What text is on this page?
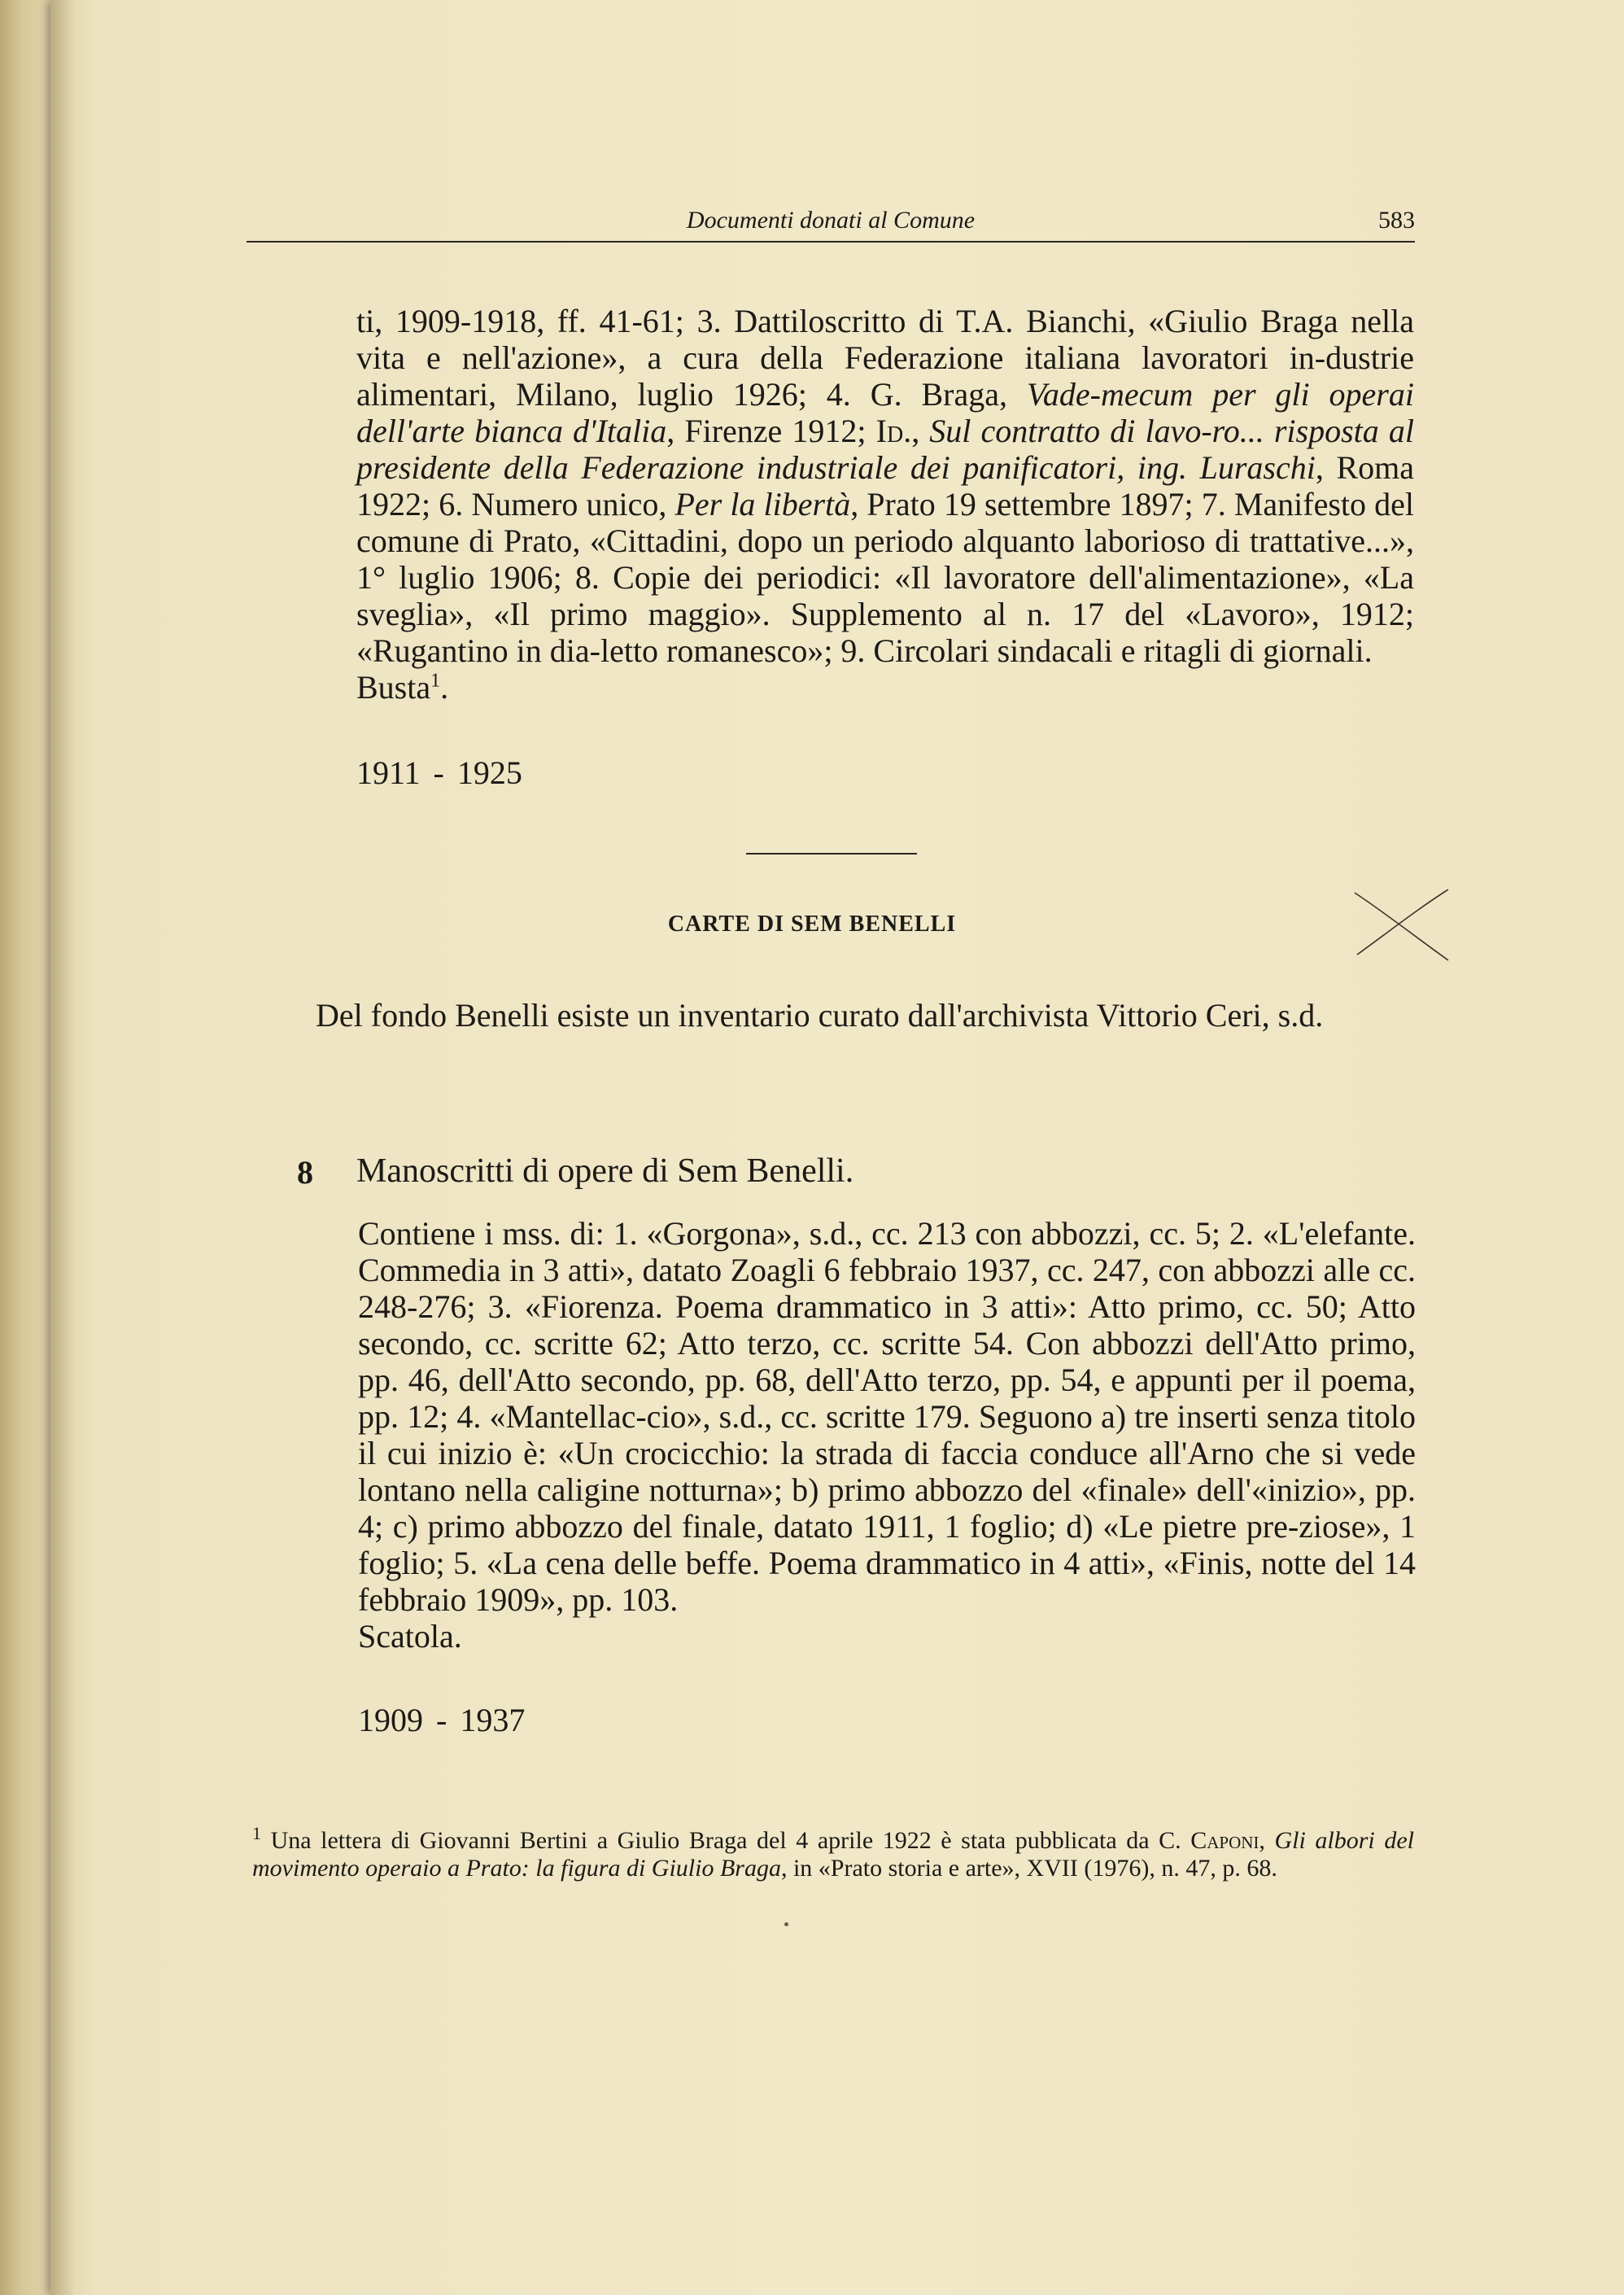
Documenti donati al Comune	583
ti, 1909-1918, ff. 41-61; 3. Dattiloscritto di T.A. Bianchi, «Giulio Braga nella vita e nell'azione», a cura della Federazione italiana lavoratori in-dustrie alimentari, Milano, luglio 1926; 4. G. Braga, Vade-mecum per gli operai dell'arte bianca d'Italia, Firenze 1912; Id., Sul contratto di lavo-ro... risposta al presidente della Federazione industriale dei panificatori, ing. Luraschi, Roma 1922; 6. Numero unico, Per la libertà, Prato 19 settembre 1897; 7. Manifesto del comune di Prato, «Cittadini, dopo un periodo alquanto laborioso di trattative...», 1° luglio 1906; 8. Copie dei periodici: «Il lavoratore dell'alimentazione», «La sveglia», «Il primo maggio». Supplemento al n. 17 del «Lavoro», 1912; «Rugantino in dia-letto romanesco»; 9. Circolari sindacali e ritagli di giornali.
Busta$^1$.
1911 - 1925
CARTE DI SEM BENELLI
Del fondo Benelli esiste un inventario curato dall'archivista Vittorio Ceri, s.d.
8 Manoscritti di opere di Sem Benelli.
Contiene i mss. di: 1. «Gorgona», s.d., cc. 213 con abbozzi, cc. 5; 2. «L'elefante. Commedia in 3 atti», datato Zoagli 6 febbraio 1937, cc. 247, con abbozzi alle cc. 248-276; 3. «Fiorenza. Poema drammatico in 3 atti»: Atto primo, cc. 50; Atto secondo, cc. scritte 62; Atto terzo, cc. scritte 54. Con abbozzi dell'Atto primo, pp. 46, dell'Atto secondo, pp. 68, dell'Atto terzo, pp. 54, e appunti per il poema, pp. 12; 4. «Mantellac-cio», s.d., cc. scritte 179. Seguono a) tre inserti senza titolo il cui inizio è: «Un crocicchio: la strada di faccia conduce all'Arno che si vede lontano nella caligine notturna»; b) primo abbozzo del «finale» dell'«inizio», pp. 4; c) primo abbozzo del finale, datato 1911, 1 foglio; d) «Le pietre pre-ziose», 1 foglio; 5. «La cena delle beffe. Poema drammatico in 4 atti», «Finis, notte del 14 febbraio 1909», pp. 103.
Scatola.
1909 - 1937
$^1$ Una lettera di Giovanni Bertini a Giulio Braga del 4 aprile 1922 è stata pubblicata da C. Caponi, Gli albori del movimento operaio a Prato: la figura di Giulio Braga, in «Prato storia e arte», XVII (1976), n. 47, p. 68.
